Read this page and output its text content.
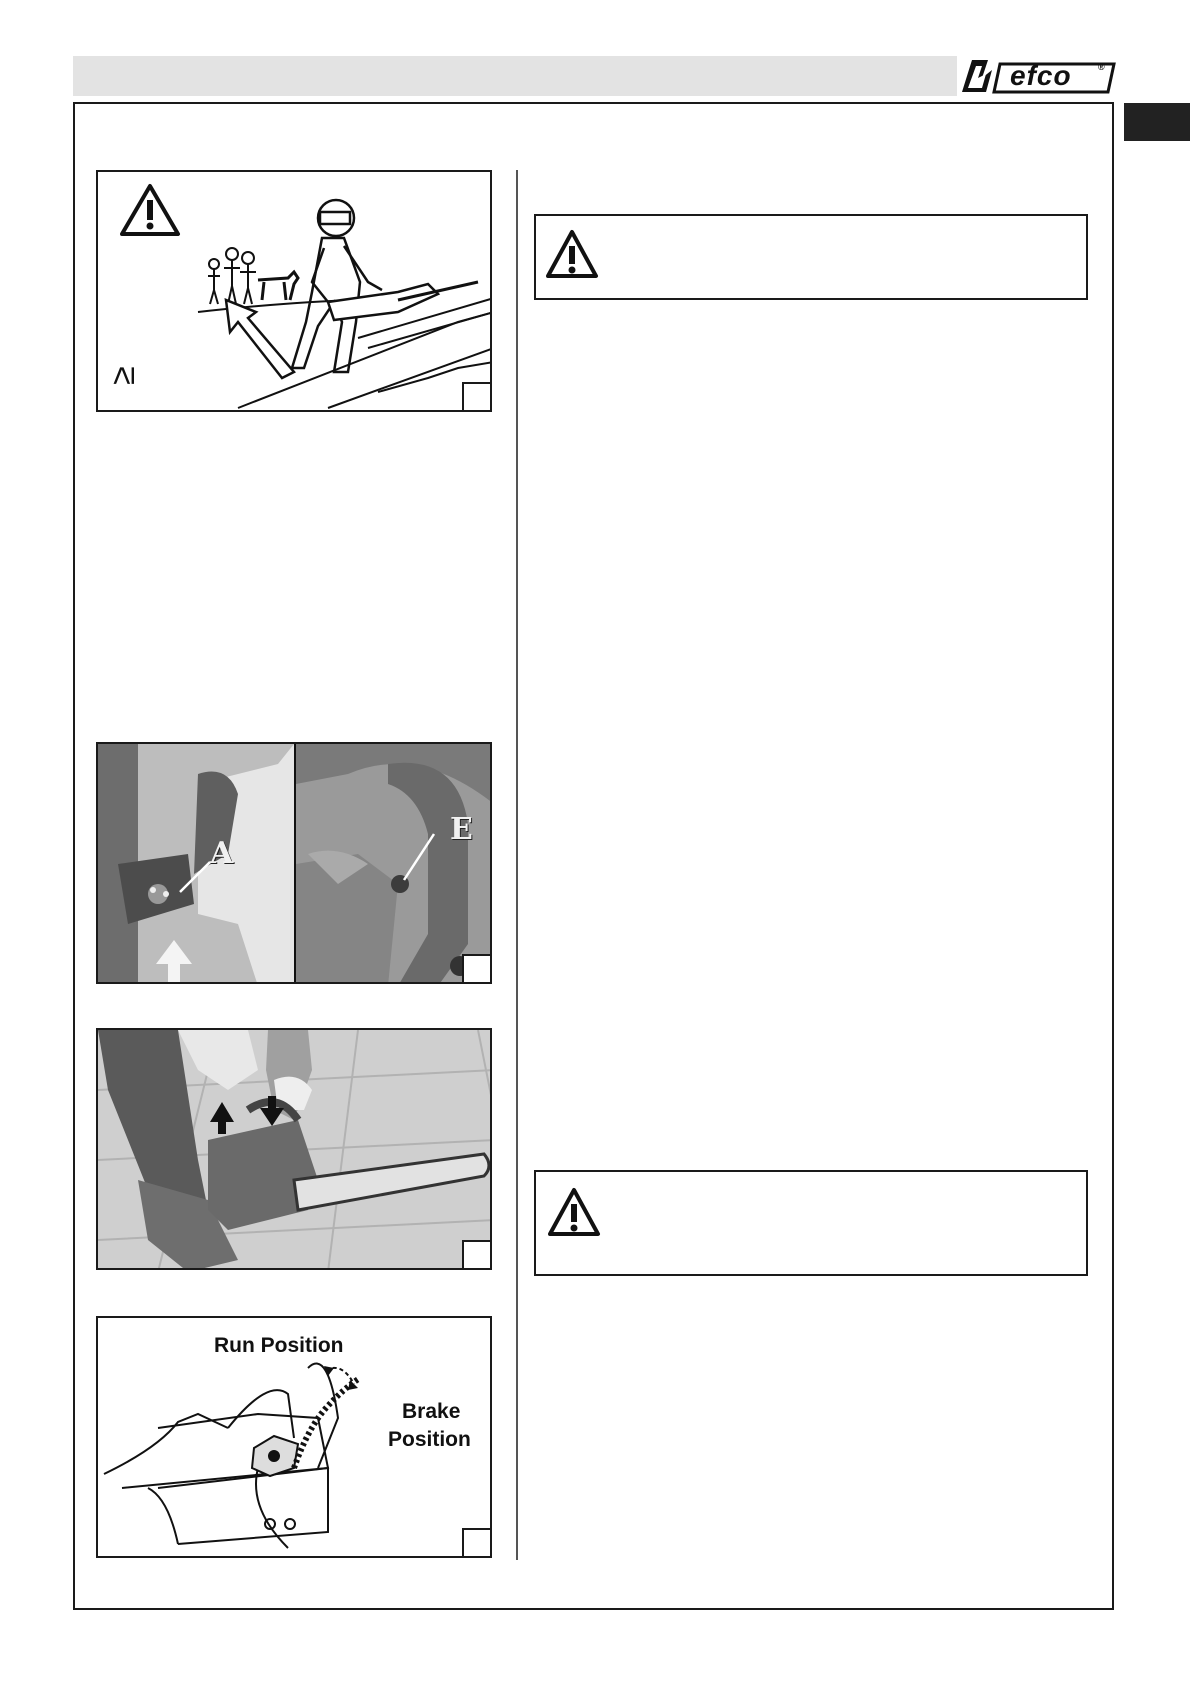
efco	®
≥
A
E
Run Position
Brake
Position
